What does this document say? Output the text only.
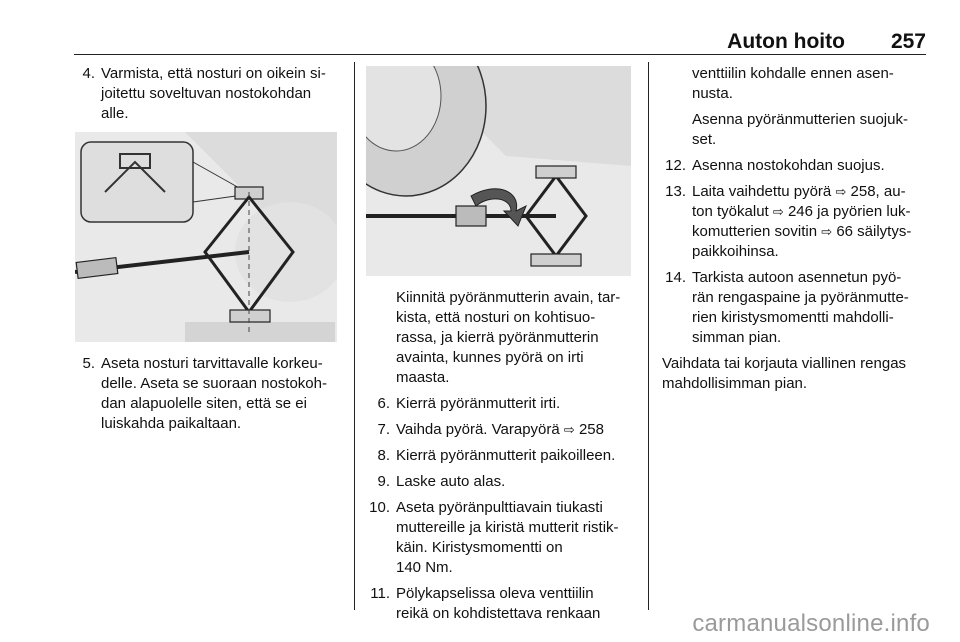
Auton hoito 257
4. Varmista, että nosturi on oikein si-
joitettu soveltuvan nostokohdan
alle.
5. Aseta nosturi tarvittavalle korkeu-
delle. Aseta se suoraan nostokoh-
dan alapuolelle siten, että se ei
luiskahda paikaltaan.
Kiinnitä pyöränmutterin avain, tar-
kista, että nosturi on kohtisuo-
rassa, ja kierrä pyöränmutterin
avainta, kunnes pyörä on irti
maasta.
6. Kierrä pyöränmutterit irti.
7. Vaihda pyörä. Varapyörä ⇨ 258
8. Kierrä pyöränmutterit paikoilleen.
9. Laske auto alas.
10. Aseta pyöränpulttiavain tiukasti
muttereille ja kiristä mutterit ristik-
käin. Kiristysmomentti on
140 Nm.
11. Pölykapselissa oleva venttiilin
reikä on kohdistettava renkaan
venttiilin kohdalle ennen asen-
nusta.
Asenna pyöränmutterien suojuk-
set.
12. Asenna nostokohdan suojus.
13. Laita vaihdettu pyörä ⇨ 258, au-
ton työkalut ⇨ 246 ja pyörien luk-
komutterien sovitin ⇨ 66 säilytys-
paikkoihinsa.
14. Tarkista autoon asennetun pyö-
rän rengaspaine ja pyöränmutte-
rien kiristysmomentti mahdolli-
simman pian.
Vaihdata tai korjauta viallinen rengas
mahdollisimman pian.
carmanualsonline.info
